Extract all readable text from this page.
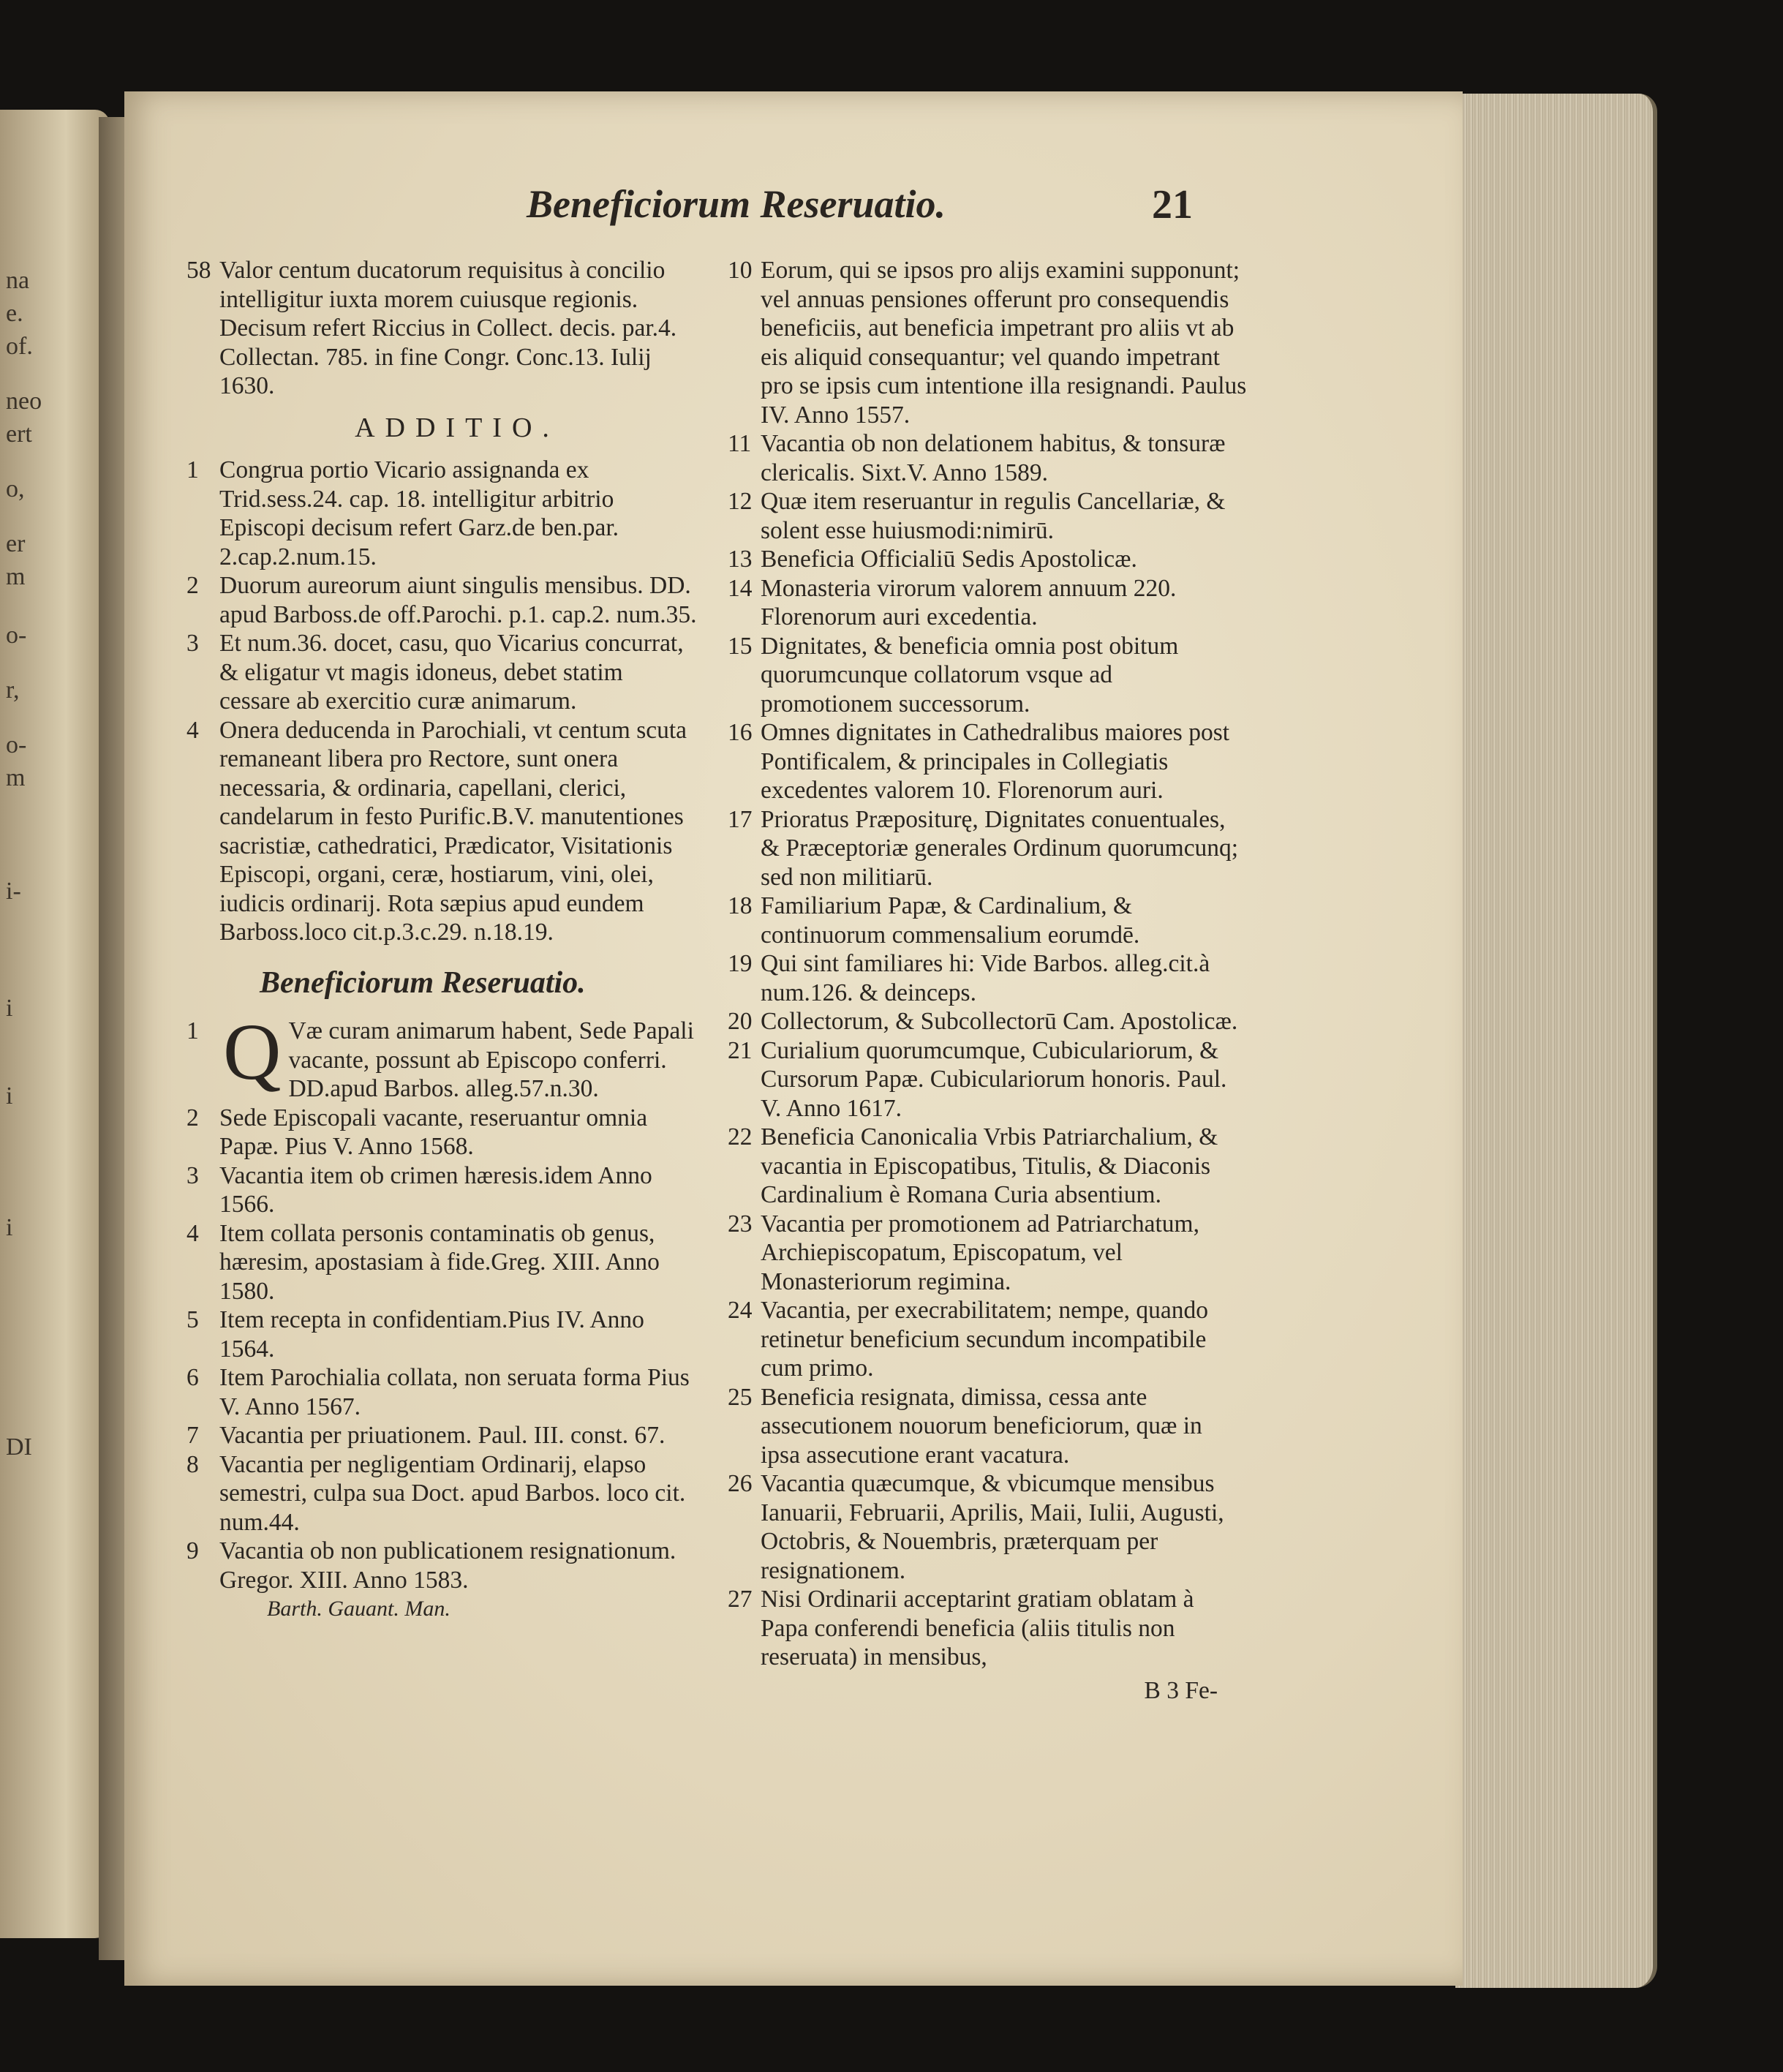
na
e.
of.
neo
ert
o,
er
m
o-
r,
o-
m
i-
i
i
i
DI
Beneficiorum Reseruatio.	21
58 Valor centum ducatorum requisitus à concilio intelligitur iuxta morem cuiusque regionis. Decisum refert Riccius in Collect. decis. par.4. Collectan. 785. in fine Congr. Conc.13. Iulij 1630.
ADDITIO.
1 Congrua portio Vicario assignanda ex Trid.sess.24. cap. 18. intelligitur arbitrio Episcopi decisum refert Garz.de ben.par. 2.cap.2.num.15.
2 Duorum aureorum aiunt singulis mensibus. DD. apud Barboss.de off.Parochi. p.1. cap.2. num.35.
3 Et num.36. docet, casu, quo Vicarius concurrat, & eligatur vt magis idoneus, debet statim cessare ab exercitio curæ animarum.
4 Onera deducenda in Parochiali, vt centum scuta remaneant libera pro Rectore, sunt onera necessaria, & ordinaria, capellani, clerici, candelarum in festo Purific.B.V. manutentiones sacristiæ, cathedratici, Prædicator, Visitationis Episcopi, organi, ceræ, hostiarum, vini, olei, iudicis ordinarij. Rota sæpius apud eundem Barboss.loco cit.p.3.c.29. n.18.19.
Beneficiorum Reseruatio.
1 Q Væ curam animarum habent, Sede Papali vacante, possunt ab Episcopo conferri. DD.apud Barbos. alleg.57.n.30.
2 Sede Episcopali vacante, reseruantur omnia Papæ. Pius V. Anno 1568.
3 Vacantia item ob crimen hæresis.idem Anno 1566.
4 Item collata personis contaminatis ob genus, hæresim, apostasiam à fide.Greg. XIII. Anno 1580.
5 Item recepta in confidentiam.Pius IV. Anno 1564.
6 Item Parochialia collata, non seruata forma Pius V. Anno 1567.
7 Vacantia per priuationem. Paul. III. const. 67.
8 Vacantia per negligentiam Ordinarij, elapso semestri, culpa sua Doct. apud Barbos. loco cit. num.44.
9 Vacantia ob non publicationem resignationum. Gregor. XIII. Anno 1583.
Barth. Gauant. Man.
10 Eorum, qui se ipsos pro alijs examini supponunt; vel annuas pensiones offerunt pro consequendis beneficiis, aut beneficia impetrant pro aliis vt ab eis aliquid consequantur; vel quando impetrant pro se ipsis cum intentione illa resignandi. Paulus IV. Anno 1557.
11 Vacantia ob non delationem habitus, & tonsuræ clericalis. Sixt.V. Anno 1589.
12 Quæ item reseruantur in regulis Cancellariæ, & solent esse huiusmodi:nimirū.
13 Beneficia Officialiū Sedis Apostolicæ.
14 Monasteria virorum valorem annuum 220. Florenorum auri excedentia.
15 Dignitates, & beneficia omnia post obitum quorumcunque collatorum vsque ad promotionem successorum.
16 Omnes dignitates in Cathedralibus maiores post Pontificalem, & principales in Collegiatis excedentes valorem 10. Florenorum auri.
17 Prioratus Præpositurę, Dignitates conuentuales, & Præceptoriæ generales Ordinum quorumcunq; sed non militiarū.
18 Familiarium Papæ, & Cardinalium, & continuorum commensalium eorumdē.
19 Qui sint familiares hi: Vide Barbos. alleg.cit.à num.126. & deinceps.
20 Collectorum, & Subcollectorū Cam. Apostolicæ.
21 Curialium quorumcumque, Cubiculariorum, & Cursorum Papæ. Cubiculariorum honoris. Paul. V. Anno 1617.
22 Beneficia Canonicalia Vrbis Patriarchalium, & vacantia in Episcopatibus, Titulis, & Diaconis Cardinalium è Romana Curia absentium.
23 Vacantia per promotionem ad Patriarchatum, Archiepiscopatum, Episcopatum, vel Monasteriorum regimina.
24 Vacantia, per execrabilitatem; nempe, quando retinetur beneficium secundum incompatibile cum primo.
25 Beneficia resignata, dimissa, cessa ante assecutionem nouorum beneficiorum, quæ in ipsa assecutione erant vacatura.
26 Vacantia quæcumque, & vbicumque mensibus Ianuarii, Februarii, Aprilis, Maii, Iulii, Augusti, Octobris, & Nouembris, præterquam per resignationem.
27 Nisi Ordinarii acceptarint gratiam oblatam à Papa conferendi beneficia (aliis titulis non reseruata) in mensibus,
B 3 Fe-
